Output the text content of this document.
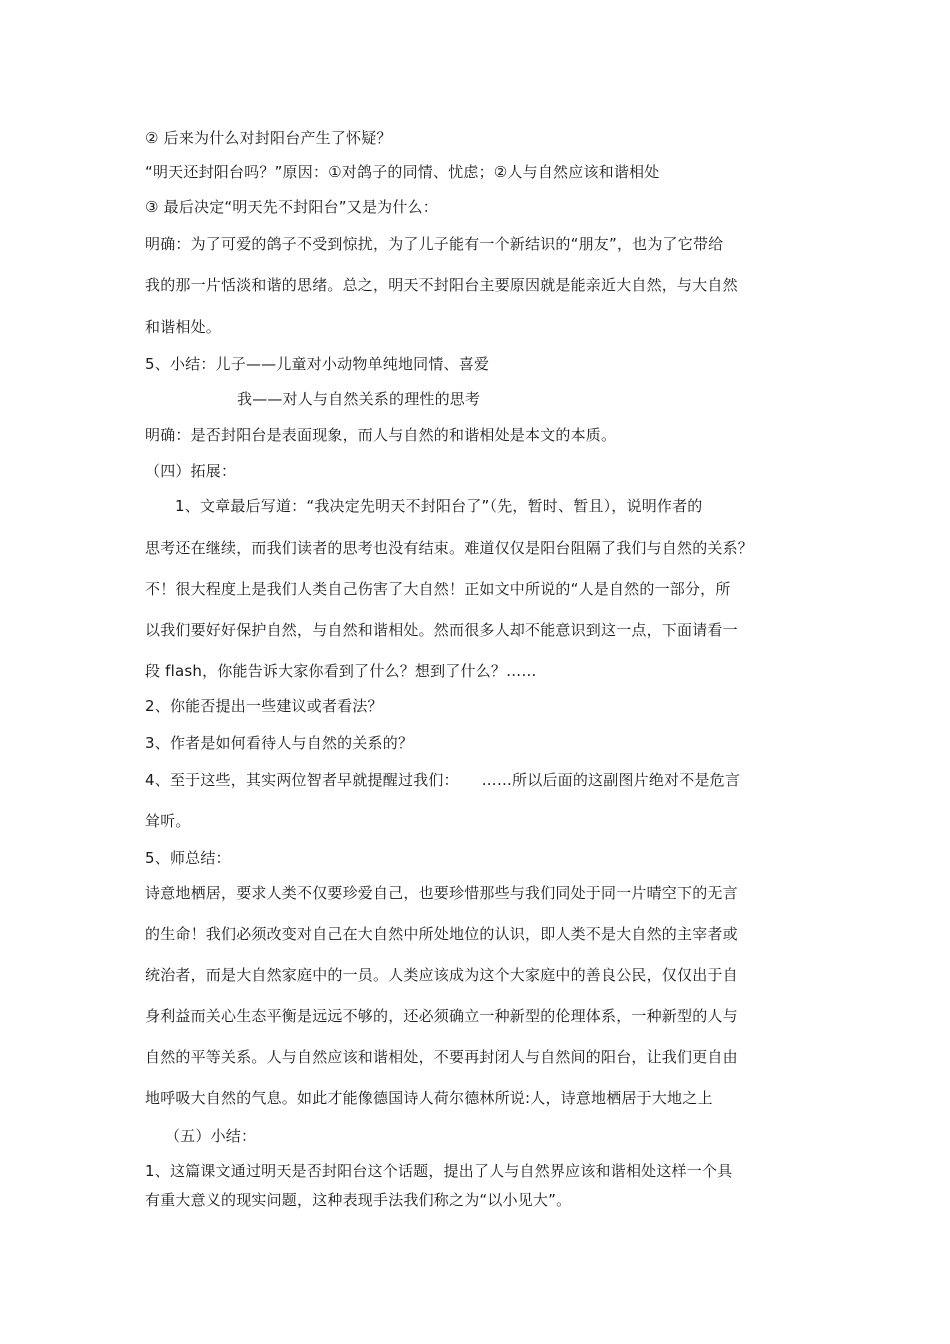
② 后来为什么对封阳台产生了怀疑？
“明天还封阳台吗？”原因：①对鸽子的同情、忧虑；②人与自然应该和谐相处
③ 最后决定“明天先不封阳台”又是为什么：
明确：为了可爱的鸽子不受到惊扰，为了儿子能有一个新结识的“朋友”，也为了它带给
我的那一片恬淡和谐的思绪。总之，明天不封阳台主要原因就是能亲近大自然，与大自然
和谐相处。
5、小结：儿子——儿童对小动物单纯地同情、喜爱
我——对人与自然关系的理性的思考
明确：是否封阳台是表面现象，而人与自然的和谐相处是本文的本质。
（四）拓展：
1、文章最后写道：“我决定先明天不封阳台了”（先，暂时、暂且），说明作者的
思考还在继续，而我们读者的思考也没有结束。难道仅仅是阳台阻隔了我们与自然的关系？
不！很大程度上是我们人类自己伤害了大自然！正如文中所说的“人是自然的一部分，所
以我们要好好保护自然，与自然和谐相处。然而很多人却不能意识到这一点，下面请看一
段 flash，你能告诉大家你看到了什么？想到了什么？……
2、你能否提出一些建议或者看法？
3、作者是如何看待人与自然的关系的？
4、至于这些，其实两位智者早就提醒过我们：　　……所以后面的这副图片绝对不是危言
耸听。
5、师总结：
诗意地栖居，要求人类不仅要珍爱自己，也要珍惜那些与我们同处于同一片晴空下的无言
的生命！我们必须改变对自己在大自然中所处地位的认识，即人类不是大自然的主宰者或
统治者，而是大自然家庭中的一员。人类应该成为这个大家庭中的善良公民，仅仅出于自
身利益而关心生态平衡是远远不够的，还必须确立一种新型的伦理体系，一种新型的人与
自然的平等关系。人与自然应该和谐相处，不要再封闭人与自然间的阳台，让我们更自由
地呼吸大自然的气息。如此才能像德国诗人荷尔德林所说:人，诗意地栖居于大地之上
（五）小结：
1、这篇课文通过明天是否封阳台这个话题，提出了人与自然界应该和谐相处这样一个具
有重大意义的现实问题，这种表现手法我们称之为“以小见大”。
